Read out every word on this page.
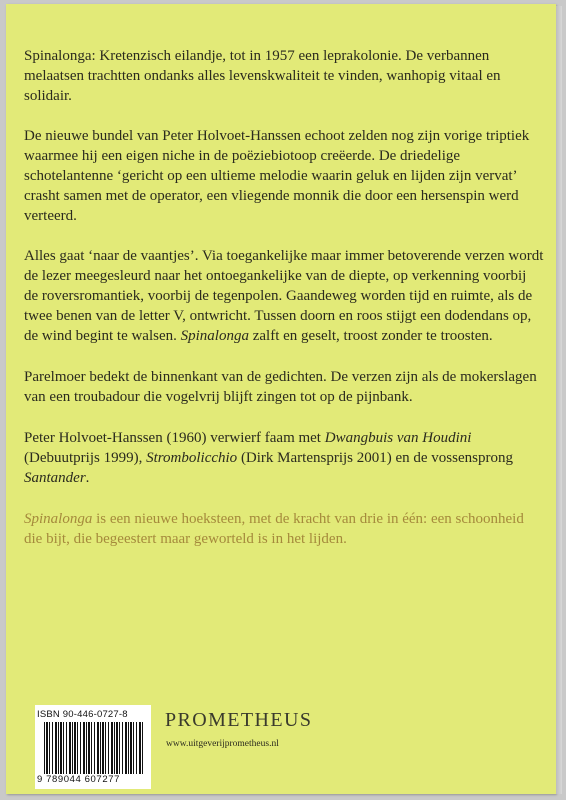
Spinalonga: Kretenzisch eilandje, tot in 1957 een leprakolonie. De verbannen melaatsen trachtten ondanks alles levenskwaliteit te vinden, wanhopig vitaal en solidair.

De nieuwe bundel van Peter Holvoet-Hanssen echoot zelden nog zijn vorige triptiek waarmee hij een eigen niche in de poëziebiotoop creëerde. De driedelige schotelantenne ‘gericht op een ultieme melodie waarin geluk en lijden zijn vervat’ crasht samen met de operator, een vliegende monnik die door een hersenspin werd verteerd.

Alles gaat ‘naar de vaantjes’. Via toegankelijke maar immer betoverende verzen wordt de lezer meegesleurd naar het ontoegankelijke van de diepte, op verkenning voorbij de roversromantiek, voorbij de tegenpolen. Gaandeweg worden tijd en ruimte, als de twee benen van de letter V, ontwricht. Tussen doorn en roos stijgt een dodendans op, de wind begint te walsen. Spinalonga zalft en geselt, troost zonder te troosten.

Parelmoer bedekt de binnenkant van de gedichten. De verzen zijn als de mokerslagen van een troubadour die vogelvrij blijft zingen tot op de pijnbank.

Peter Holvoet-Hanssen (1960) verwierf faam met Dwangbuis van Houdini (Debuutprijs 1999), Strombolicchio (Dirk Martensprijs 2001) en de vossensprong Santander.

Spinalonga is een nieuwe hoeksteen, met de kracht van drie in één: een schoonheid die bijt, die begeestert maar geworteld is in het lijden.

ISBN 90-446-0727-8
9 789044 607277
PROMETHEUS
www.uitgeverijprometheus.nl
